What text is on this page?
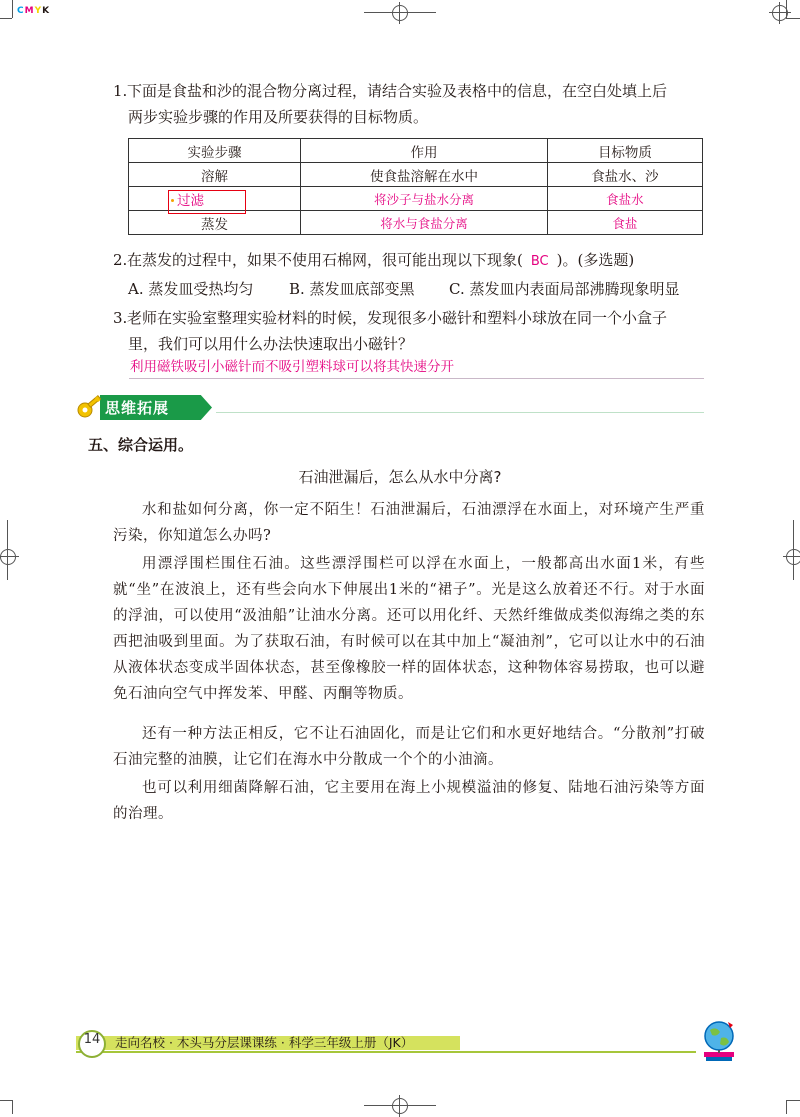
CMYK
1.下面是食盐和沙的混合物分离过程，请结合实验及表格中的信息，在空白处填上后
两步实验步骤的作用及所要获得的目标物质。
实验步骤	作用	目标物质
溶解	使食盐溶解在水中	食盐水、沙
过滤	将沙子与盐水分离	食盐水
蒸发	将水与食盐分离	食盐
2.在蒸发的过程中，如果不使用石棉网，很可能出现以下现象( BC )。(多选题)
A. 蒸发皿受热均匀 B. 蒸发皿底部变黑 C. 蒸发皿内表面局部沸腾现象明显
3.老师在实验室整理实验材料的时候，发现很多小磁针和塑料小球放在同一个小盒子
里，我们可以用什么办法快速取出小磁针？
利用磁铁吸引小磁针而不吸引塑料球可以将其快速分开
思维拓展
五、综合运用。
石油泄漏后，怎么从水中分离?
水和盐如何分离，你一定不陌生！石油泄漏后，石油漂浮在水面上，对环境产生严重污染，你知道怎么办吗?
用漂浮围栏围住石油。这些漂浮围栏可以浮在水面上，一般都高出水面1米，有些就“坐”在波浪上，还有些会向水下伸展出1米的“裙子”。光是这么放着还不行。对于水面的浮油，可以使用“汲油船”让油水分离。还可以用化纤、天然纤维做成类似海绵之类的东西把油吸到里面。为了获取石油，有时候可以在其中加上“凝油剂”，它可以让水中的石油从液体状态变成半固体状态，甚至像橡胶一样的固体状态，这种物体容易捞取，也可以避免石油向空气中挥发苯、甲醛、丙酮等物质。
还有一种方法正相反，它不让石油固化，而是让它们和水更好地结合。“分散剂”打破石油完整的油膜，让它们在海水中分散成一个个的小油滴。
也可以利用细菌降解石油，它主要用在海上小规模溢油的修复、陆地石油污染等方面的治理。
14	走向名校 · 木头马分层课课练 · 科学三年级上册（JK）
